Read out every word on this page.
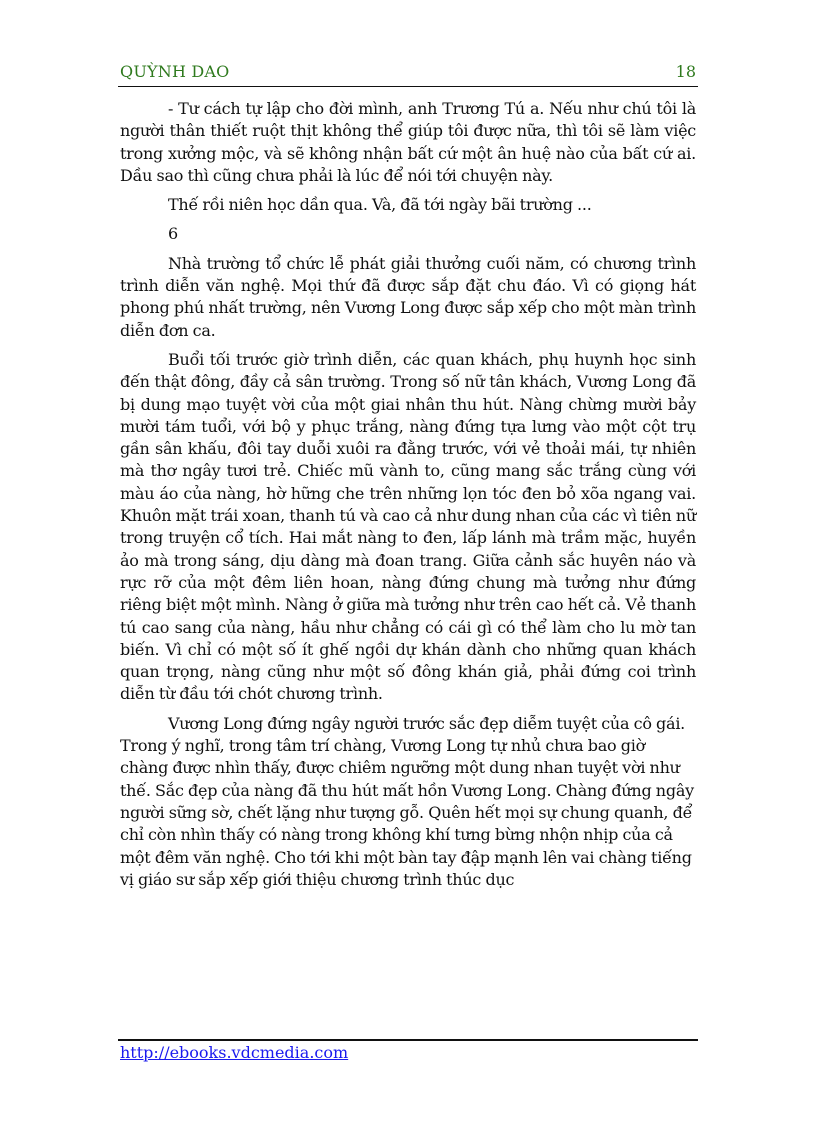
QUỲNH DAO	18

- Tư cách tự lập cho đời mình, anh Trương Tú a. Nếu như chú tôi là người thân thiết ruột thịt không thể giúp tôi được nữa, thì tôi sẽ làm việc trong xưởng mộc, và sẽ không nhận bất cứ một ân huệ nào của bất cứ ai. Dầu sao thì cũng chưa phải là lúc để nói tới chuyện này.

Thế rồi niên học dần qua. Và, đã tới ngày bãi trường ...

6

Nhà trường tổ chức lễ phát giải thưởng cuối năm, có chương trình trình diễn văn nghệ. Mọi thứ đã được sắp đặt chu đáo. Vì có giọng hát phong phú nhất trường, nên Vương Long được sắp xếp cho một màn trình diễn đơn ca.

Buổi tối trước giờ trình diễn, các quan khách, phụ huynh học sinh đến thật đông, đầy cả sân trường. Trong số nữ tân khách, Vương Long đã bị dung mạo tuyệt vời của một giai nhân thu hút. Nàng chừng mười bảy mười tám tuổi, với bộ y phục trắng, nàng đứng tựa lưng vào một cột trụ gần sân khấu, đôi tay duỗi xuôi ra đằng trước, với vẻ thoải mái, tự nhiên mà thơ ngây tươi trẻ. Chiếc mũ vành to, cũng mang sắc trắng cùng với màu áo của nàng, hờ hững che trên những lọn tóc đen bỏ xõa ngang vai. Khuôn mặt trái xoan, thanh tú và cao cả như dung nhan của các vì tiên nữ trong truyện cổ tích. Hai mắt nàng to đen, lấp lánh mà trầm mặc, huyền ảo mà trong sáng, dịu dàng mà đoan trang. Giữa cảnh sắc huyên náo và rực rỡ của một đêm liên hoan, nàng đứng chung mà tưởng như đứng riêng biệt một mình. Nàng ở giữa mà tưởng như trên cao hết cả. Vẻ thanh tú cao sang của nàng, hầu như chẳng có cái gì có thể làm cho lu mờ tan biến. Vì chỉ có một số ít ghế ngồi dự khán dành cho những quan khách quan trọng, nàng cũng như một số đông khán giả, phải đứng coi trình diễn từ đầu tới chót chương trình.

Vương Long đứng ngây người trước sắc đẹp diễm tuyệt của cô gái. Trong ý nghĩ, trong tâm trí chàng, Vương Long tự nhủ chưa bao giờ chàng được nhìn thấy, được chiêm ngưỡng một dung nhan tuyệt vời như thế. Sắc đẹp của nàng đã thu hút mất hồn Vương Long. Chàng đứng ngây người sững sờ, chết lặng như tượng gỗ. Quên hết mọi sự chung quanh, để chỉ còn nhìn thấy có nàng trong không khí tưng bừng nhộn nhịp của cả một đêm văn nghệ. Cho tới khi một bàn tay đập mạnh lên vai chàng tiếng vị giáo sư sắp xếp giới thiệu chương trình thúc dục

http://ebooks.vdcmedia.com
